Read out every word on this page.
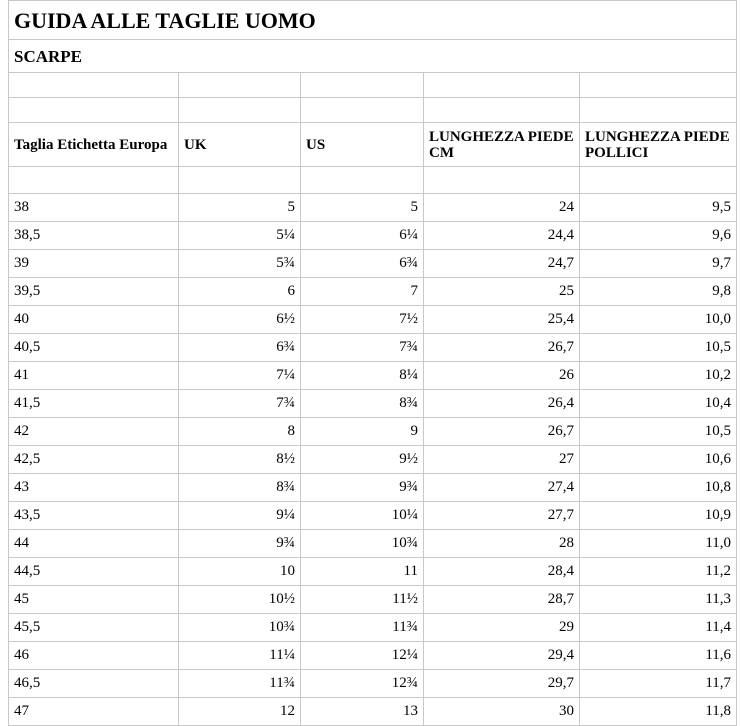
GUIDA ALLE TAGLIE UOMO				
SCARPE				

Taglia Etichetta Europa	UK	US	LUNGHEZZA PIEDE CM	LUNGHEZZA PIEDE POLLICI

38	5	5	24	9,5
38,5	5¼	6¼	24,4	9,6
39	5¾	6¾	24,7	9,7
39,5	6	7	25	9,8
40	6½	7½	25,4	10,0
40,5	6¾	7¾	26,7	10,5
41	7¼	8¼	26	10,2
41,5	7¾	8¾	26,4	10,4
42	8	9	26,7	10,5
42,5	8½	9½	27	10,6
43	8¾	9¾	27,4	10,8
43,5	9¼	10¼	27,7	10,9
44	9¾	10¾	28	11,0
44,5	10	11	28,4	11,2
45	10½	11½	28,7	11,3
45,5	10¾	11¾	29	11,4
46	11¼	12¼	29,4	11,6
46,5	11¾	12¾	29,7	11,7
47	12	13	30	11,8
